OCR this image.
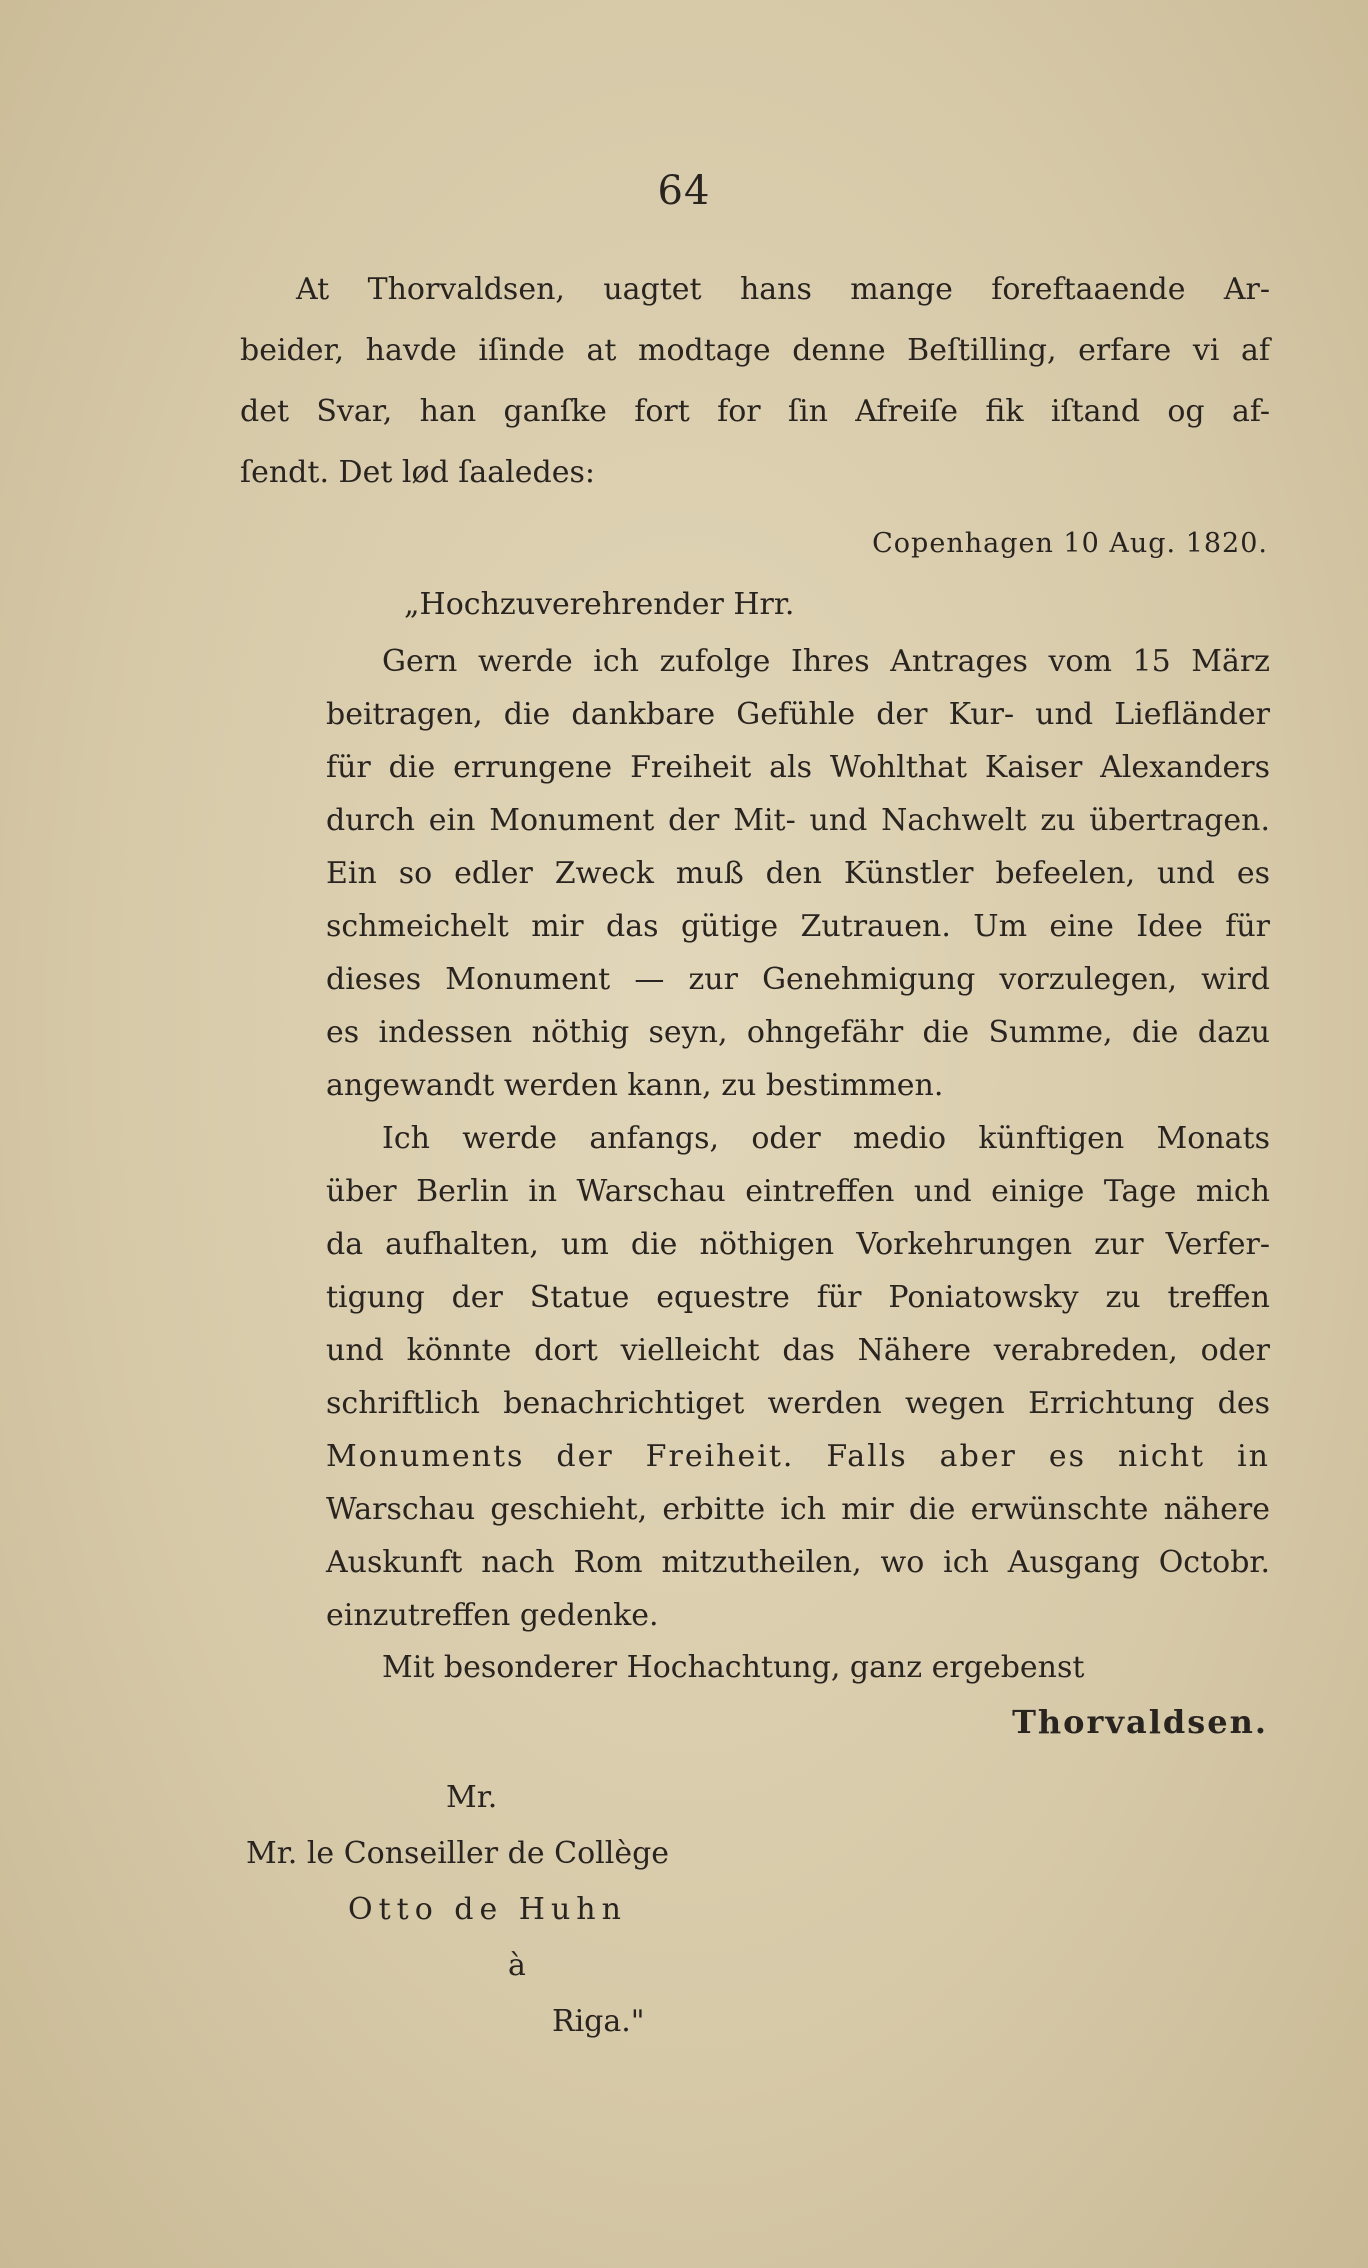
64
At Thorvaldsen, uagtet hans mange foreftaaende Ar-
beider, havde iſinde at modtage denne Beſtilling, erfare vi af
det Svar, han ganſke fort for ſin Afreiſe fik iſtand og af-
ſendt. Det lød ſaaledes:
Copenhagen 10 Aug. 1820.
„Hochzuverehrender Hrr.
Gern werde ich zufolge Ihres Antrages vom 15 März
beitragen, die dankbare Gefühle der Kur- und Liefländer
für die errungene Freiheit als Wohlthat Kaiser Alexanders
durch ein Monument der Mit- und Nachwelt zu übertragen.
Ein so edler Zweck muß den Künstler befeelen, und es
schmeichelt mir das gütige Zutrauen. Um eine Idee für
dieses Monument — zur Genehmigung vorzulegen, wird
es indessen nöthig seyn, ohngefähr die Summe, die dazu
angewandt werden kann, zu bestimmen.
Ich werde anfangs, oder medio künftigen Monats
über Berlin in Warschau eintreffen und einige Tage mich
da aufhalten, um die nöthigen Vorkehrungen zur Verfer-
tigung der Statue equestre für Poniatowsky zu treffen
und könnte dort vielleicht das Nähere verabreden, oder
schriftlich benachrichtiget werden wegen Errichtung des
Monuments der Freiheit. Falls aber es nicht in
Warschau geschieht, erbitte ich mir die erwünschte nähere
Auskunft nach Rom mitzutheilen, wo ich Ausgang Octobr.
einzutreffen gedenke.
Mit besonderer Hochachtung, ganz ergebenst
Thorvaldsen.
Mr.
Mr. le Conseiller de Collège
Otto de Huhn
à
Riga."
